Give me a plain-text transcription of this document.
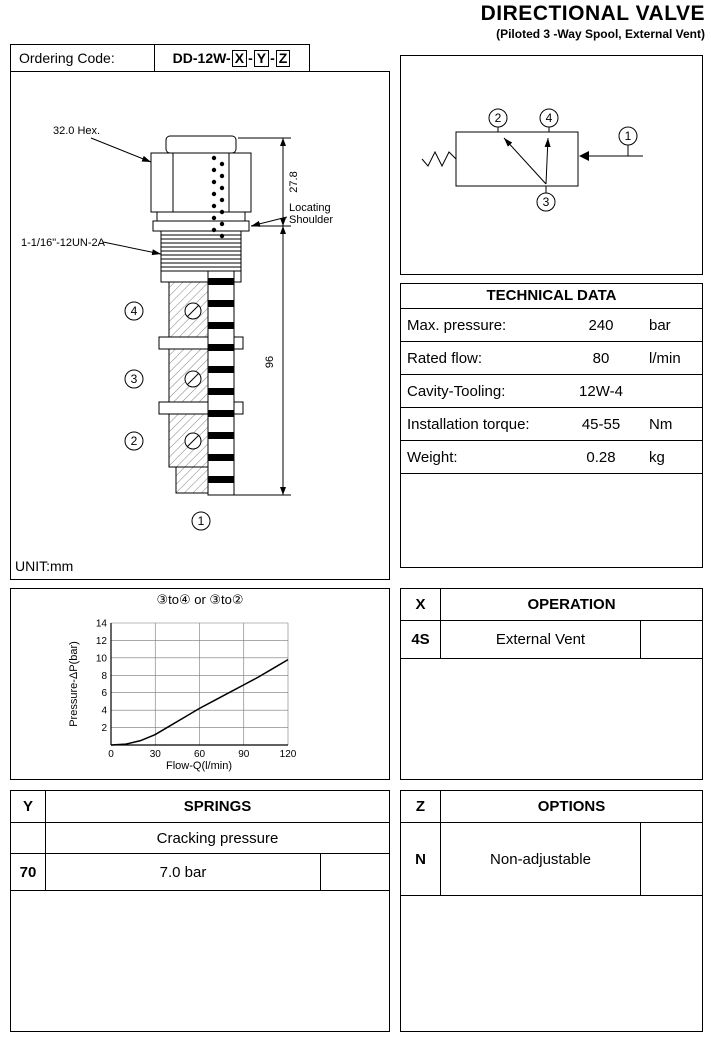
DIRECTIONAL VALVE
(Piloted 3 -Way Spool, External Vent)
Ordering Code:	DD-12W- X - Y - Z
4
3
2
1
32.0 Hex.
1-1/16"-12UN-2A
Locating
Shoulder
27.8
96
UNIT:mm
2	4
3
1
TECHNICAL DATA
Max. pressure:	240	bar
Rated flow:	80	l/min
Cavity-Tooling:	12W-4
Installation torque:	45-55	Nm
Weight:	0.28	kg
③to④ or ③to②
0	30	60	90	120
2
4
6
8
10
12
14
Flow-Q(l/min)
Pressure-ΔP(bar)
X	OPERATION
4S	External Vent
Y	SPRINGS
Cracking pressure
70	7.0 bar
Z	OPTIONS
N	Non-adjustable
